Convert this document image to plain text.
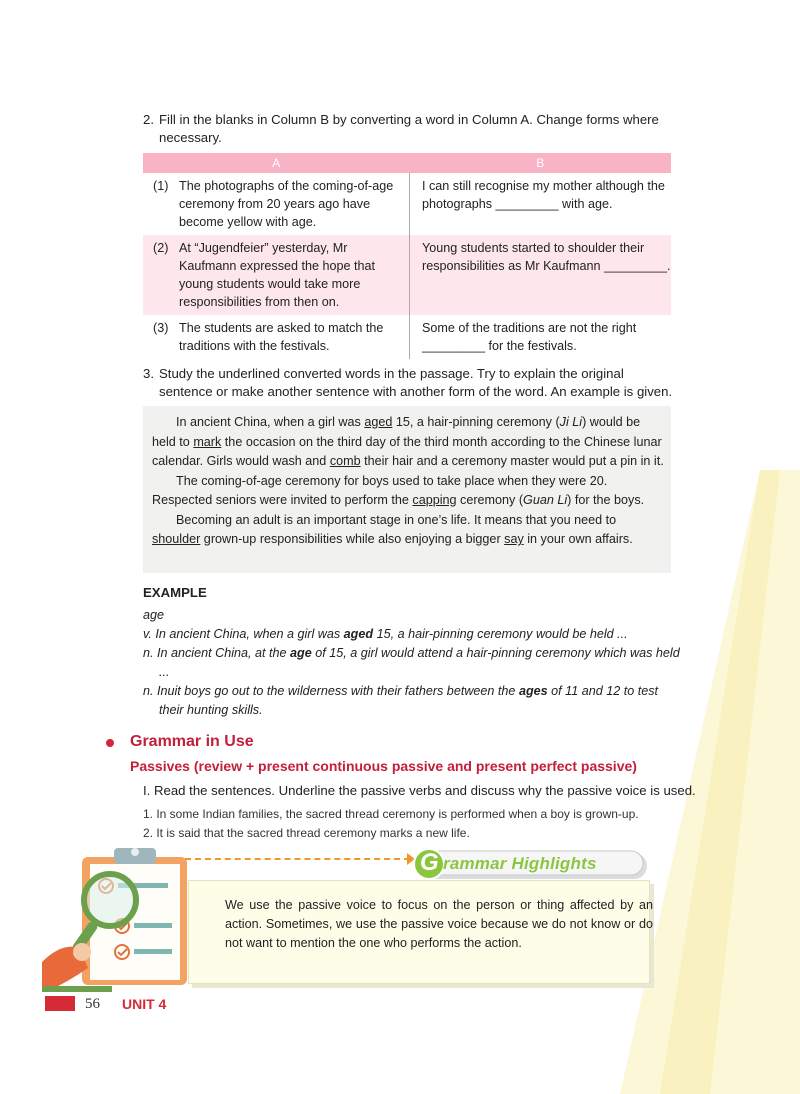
2. Fill in the blanks in Column B by converting a word in Column A. Change forms where
necessary.
A	B

(1) The photographs of the coming-of-age ceremony from 20 years ago have become yellow with age.	I can still recognise my mother although the photographs _________ with age.

(2) At “Jugendfeier” yesterday, Mr Kaufmann expressed the hope that young students would take more responsibilities from then on.	Young students started to shoulder their responsibilities as Mr Kaufmann _________.

(3) The students are asked to match the traditions with the festivals.	Some of the traditions are not the right _________ for the festivals.
3. Study the underlined converted words in the passage. Try to explain the original
sentence or make another sentence with another form of the word. An example is given.

In ancient China, when a girl was aged 15, a hair-pinning ceremony (Ji Li) would be held to mark the occasion on the third day of the third month according to the Chinese lunar calendar. Girls would wash and comb their hair and a ceremony master would put a pin in it.

The coming-of-age ceremony for boys used to take place when they were 20. Respected seniors were invited to perform the capping ceremony (Guan Li) for the boys.

Becoming an adult is an important stage in one’s life. It means that you need to shoulder grown-up responsibilities while also enjoying a bigger say in your own affairs.

EXAMPLE
age
v. In ancient China, when a girl was aged 15, a hair-pinning ceremony would be held ...
n. In ancient China, at the age of 15, a girl would attend a hair-pinning ceremony which was held ...
n. Inuit boys go out to the wilderness with their fathers between the ages of 11 and 12 to test their hunting skills.
Grammar in Use
Passives (review + present continuous passive and present perfect passive)
I. Read the sentences. Underline the passive verbs and discuss why the passive voice is used.
1. In some Indian families, the sacred thread ceremony is performed when a boy is grown-up.
2. It is said that the sacred thread ceremony marks a new life.
G rammar Highlights
We use the passive voice to focus on the person or thing affected by an action. Sometimes, we use the passive voice because we do not know or do not want to mention the one who performs the action.
56 UNIT 4
